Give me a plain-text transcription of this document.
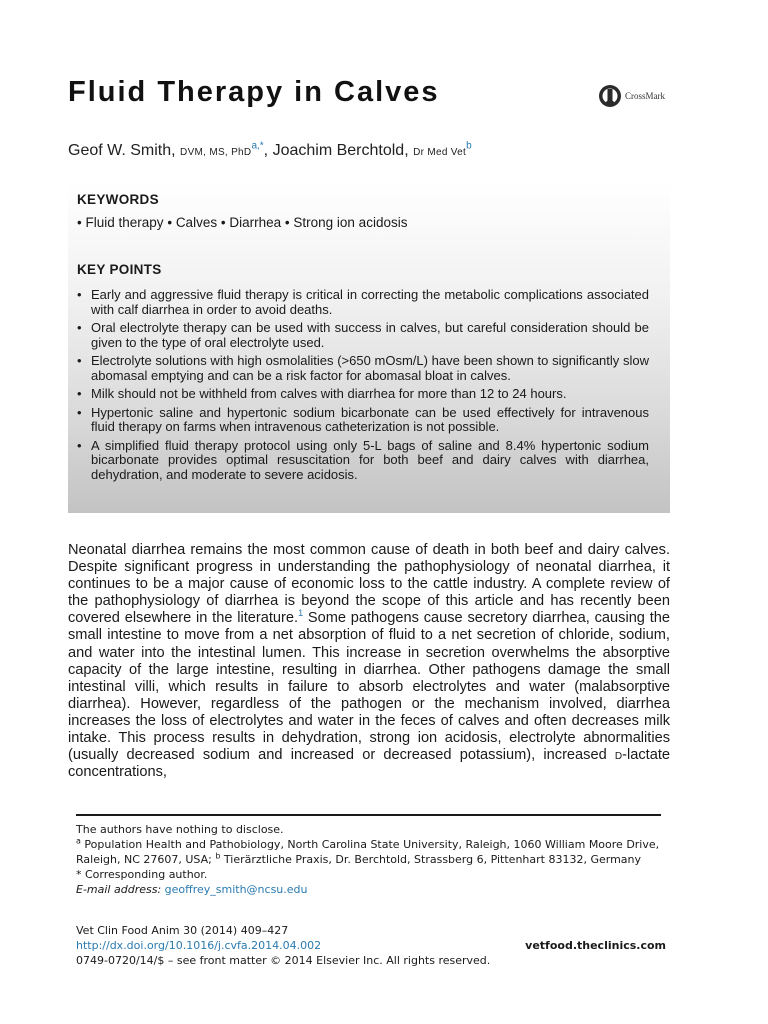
Fluid Therapy in Calves	CrossMark
Geof W. Smith, DVM, MS, PhD$^{a,*}$, Joachim Berchtold, Dr Med Vet$^b$
KEYWORDS
• Fluid therapy • Calves • Diarrhea • Strong ion acidosis
KEY POINTS
• Early and aggressive fluid therapy is critical in correcting the metabolic complications associated with calf diarrhea in order to avoid deaths.
• Oral electrolyte therapy can be used with success in calves, but careful consideration should be given to the type of oral electrolyte used.
• Electrolyte solutions with high osmolalities (>650 mOsm/L) have been shown to significantly slow abomasal emptying and can be a risk factor for abomasal bloat in calves.
• Milk should not be withheld from calves with diarrhea for more than 12 to 24 hours.
• Hypertonic saline and hypertonic sodium bicarbonate can be used effectively for intravenous fluid therapy on farms when intravenous catheterization is not possible.
• A simplified fluid therapy protocol using only 5-L bags of saline and 8.4% hypertonic sodium bicarbonate provides optimal resuscitation for both beef and dairy calves with diarrhea, dehydration, and moderate to severe acidosis.

Neonatal diarrhea remains the most common cause of death in both beef and dairy calves. Despite significant progress in understanding the pathophysiology of neonatal diarrhea, it continues to be a major cause of economic loss to the cattle industry. A complete review of the pathophysiology of diarrhea is beyond the scope of this article and has recently been covered elsewhere in the literature.$^1$ Some pathogens cause secretory diarrhea, causing the small intestine to move from a net absorption of fluid to a net secretion of chloride, sodium, and water into the intestinal lumen. This increase in secretion overwhelms the absorptive capacity of the large intestine, resulting in diarrhea. Other pathogens damage the small intestinal villi, which results in failure to absorb electrolytes and water (malabsorptive diarrhea). However, regardless of the pathogen or the mechanism involved, diarrhea increases the loss of electrolytes and water in the feces of calves and often decreases milk intake. This process results in dehydration, strong ion acidosis, electrolyte abnormalities (usually decreased sodium and increased or decreased potassium), increased d-lactate concentrations,

The authors have nothing to disclose.
$^a$ Population Health and Pathobiology, North Carolina State University, Raleigh, 1060 William Moore Drive, Raleigh, NC 27607, USA; $^b$ Tierärztliche Praxis, Dr. Berchtold, Strassberg 6, Pittenhart 83132, Germany
* Corresponding author.
E-mail address: geoffrey_smith@ncsu.edu
Vet Clin Food Anim 30 (2014) 409–427
http://dx.doi.org/10.1016/j.cvfa.2014.04.002	vetfood.theclinics.com
0749-0720/14/$ – see front matter © 2014 Elsevier Inc. All rights reserved.
